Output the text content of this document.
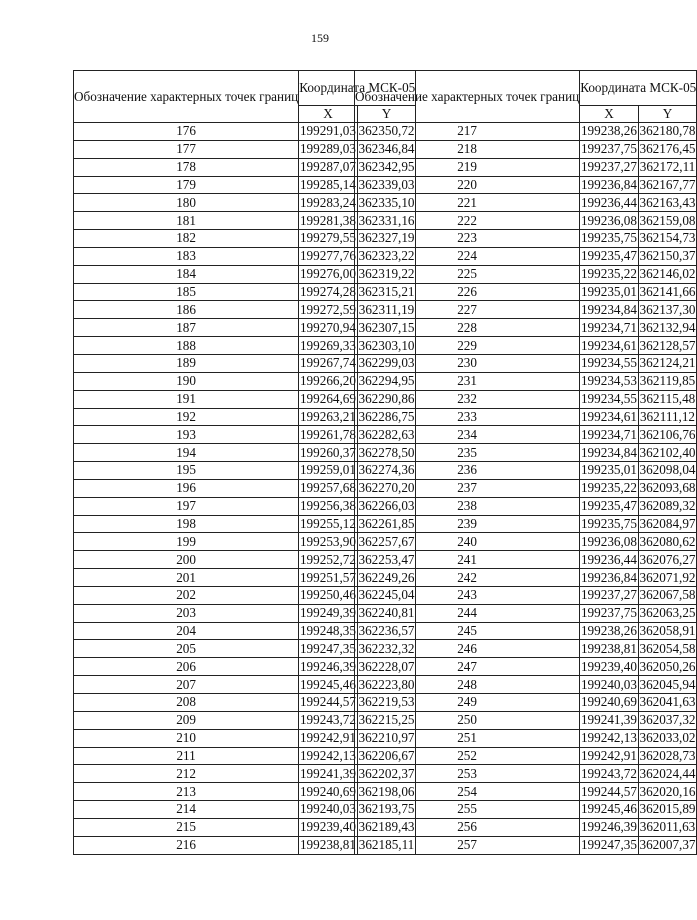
159
Обозначение характерных точек границ	Координата МСК-05	
	X	Y
176	199291,03	362350,72
177	199289,03	362346,84
178	199287,07	362342,95
179	199285,14	362339,03
180	199283,24	362335,10
181	199281,38	362331,16
182	199279,55	362327,19
183	199277,76	362323,22
184	199276,00	362319,22
185	199274,28	362315,21
186	199272,59	362311,19
187	199270,94	362307,15
188	199269,33	362303,10
189	199267,74	362299,03
190	199266,20	362294,95
191	199264,69	362290,86
192	199263,21	362286,75
193	199261,78	362282,63
194	199260,37	362278,50
195	199259,01	362274,36
196	199257,68	362270,20
197	199256,38	362266,03
198	199255,12	362261,85
199	199253,90	362257,67
200	199252,72	362253,47
201	199251,57	362249,26
202	199250,46	362245,04
203	199249,39	362240,81
204	199248,35	362236,57
205	199247,35	362232,32
206	199246,39	362228,07
207	199245,46	362223,80
208	199244,57	362219,53
209	199243,72	362215,25
210	199242,91	362210,97
211	199242,13	362206,67
212	199241,39	362202,37
213	199240,69	362198,06
214	199240,03	362193,75
215	199239,40	362189,43
216	199238,81	362185,11
Обозначение характерных точек границ	Координата МСК-05	
	X	Y
217	199238,26	362180,78
218	199237,75	362176,45
219	199237,27	362172,11
220	199236,84	362167,77
221	199236,44	362163,43
222	199236,08	362159,08
223	199235,75	362154,73
224	199235,47	362150,37
225	199235,22	362146,02
226	199235,01	362141,66
227	199234,84	362137,30
228	199234,71	362132,94
229	199234,61	362128,57
230	199234,55	362124,21
231	199234,53	362119,85
232	199234,55	362115,48
233	199234,61	362111,12
234	199234,71	362106,76
235	199234,84	362102,40
236	199235,01	362098,04
237	199235,22	362093,68
238	199235,47	362089,32
239	199235,75	362084,97
240	199236,08	362080,62
241	199236,44	362076,27
242	199236,84	362071,92
243	199237,27	362067,58
244	199237,75	362063,25
245	199238,26	362058,91
246	199238,81	362054,58
247	199239,40	362050,26
248	199240,03	362045,94
249	199240,69	362041,63
250	199241,39	362037,32
251	199242,13	362033,02
252	199242,91	362028,73
253	199243,72	362024,44
254	199244,57	362020,16
255	199245,46	362015,89
256	199246,39	362011,63
257	199247,35	362007,37
